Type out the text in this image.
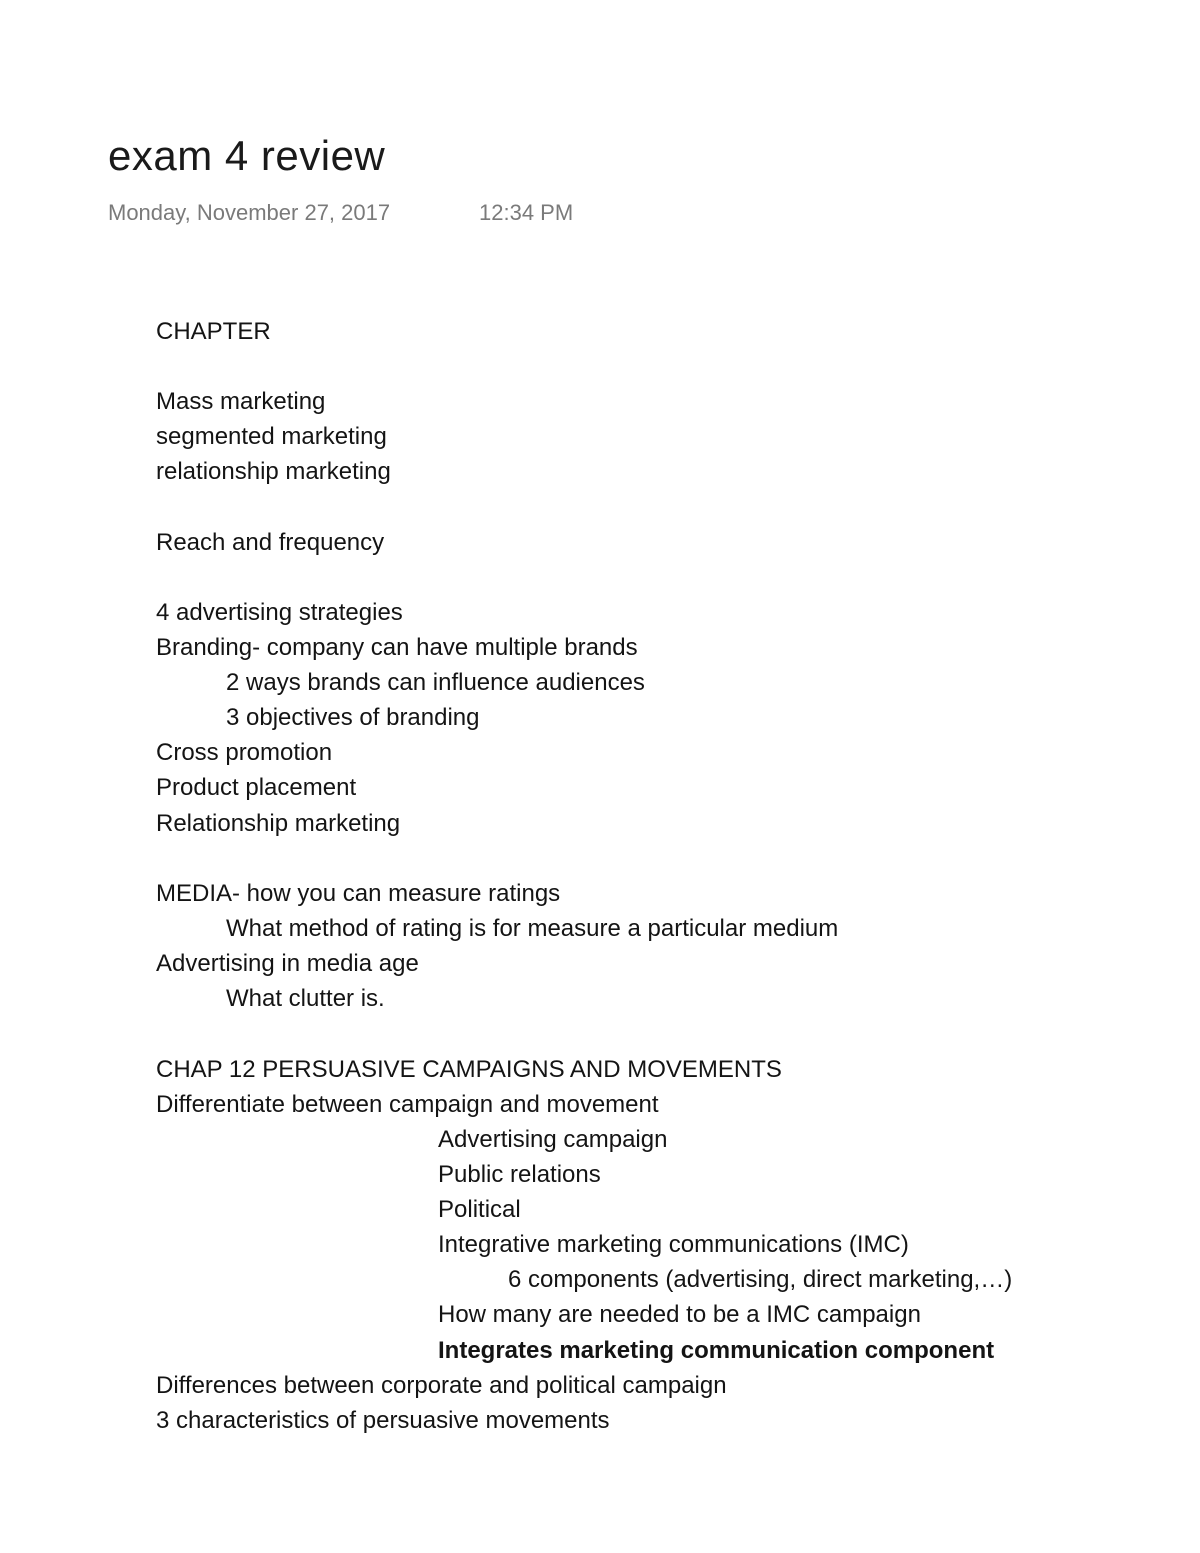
exam 4 review
Monday, November 27, 2017	12:34 PM
CHAPTER
Mass marketing
segmented marketing
relationship marketing
Reach and frequency
4 advertising strategies
Branding- company can have multiple brands
2 ways brands can influence audiences
3 objectives of branding
Cross promotion
Product placement
Relationship marketing
MEDIA- how you can measure ratings
What method of rating is for measure a particular medium
Advertising in media age
What clutter is.
CHAP 12 PERSUASIVE CAMPAIGNS AND MOVEMENTS
Differentiate between campaign and movement
Advertising campaign
Public relations
Political
Integrative marketing communications (IMC)
6 components (advertising, direct marketing,…)
How many are needed to be a IMC campaign
Integrates marketing communication component
Differences between corporate and political campaign
3 characteristics of persuasive movements
